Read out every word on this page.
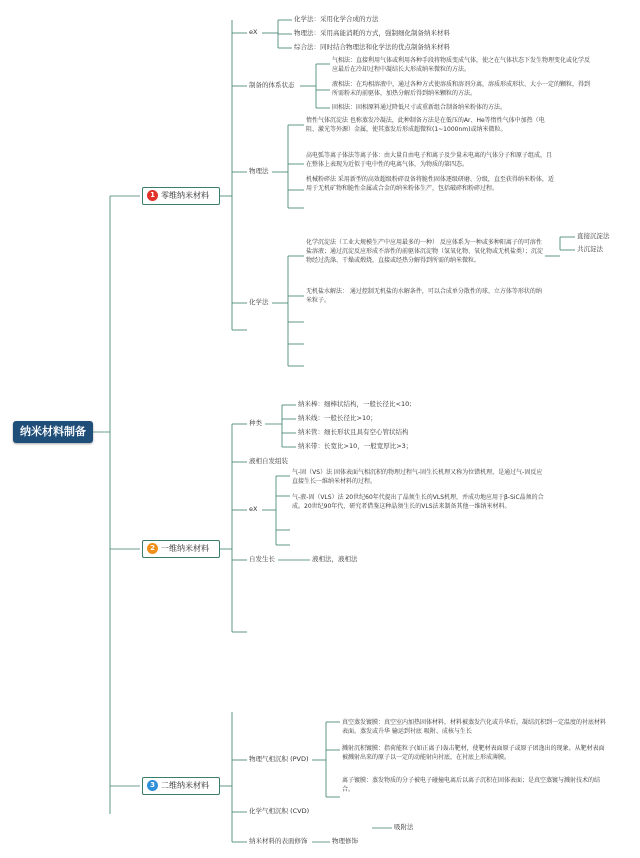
纳米材料制备
1 零维纳米材料
eX
化学法：采用化学合成的方法
物理法：采用高能消耗的方式，强制细化制备纳米材料
综合法：同时结合物理法和化学法的优点制备纳米材料
制备的体系状态
气相法：直接利用气体或利用各种手段将物质变成气体，使之在气体状态下发生物理变化或化学反应最后在冷却过程中凝结长大形成纳米微粒的方法。
液相法：在均相溶液中，通过各种方式使溶质和溶剂分离，溶质形成形状、大小一定的颗粒，得到所需粉末的前驱体，加热分解后得到纳米颗粒的方法。
固相法：固相原料通过降低尺寸或重新组合制备纳米粉体的方法。
物理法
惰性气体沉淀法 也称蒸发冷凝法，此种制备方法是在低压的Ar、He等惰性气体中加热（电阻、激光等外源）金属，使其蒸发后形成超微粒(1~1000nm)或纳米微粒。
高电弧等离子体法等离子体：由大量自由电子和离子及少量未电离的气体分子和原子组成，且在整体上表现为近似于电中性的电离气体，为物质的第四态。
机械粉碎法 采用新型的高效超级粉碎设备将脆性固体逐级研磨、分级，直至获得纳米粉体，适用于无机矿物和脆性金属或合金的纳米粉体生产，包括破碎和粉碎过程。
化学法
化学沉淀法（工业大规模生产中应用最多的一种） 反应体系为一种或多种阳离子的可溶性盐溶液；通过沉淀反应形成不溶性的前驱体沉淀物（氢氧化物、氧化物或无机盐类）；沉淀物经过洗涤、干燥或煅烧，直接或经热分解得到所需的纳米微粒。
无机盐水解法： 通过控制无机盐的水解条件，可以合成单分散性的球、立方体等形状的纳米粒子。
直接沉淀法
共沉淀法
2 一维纳米材料
种类
纳米棒：细棒状结构，一般长径比<10;
纳米线：一般长径比>10；
纳米管：细长形状且具有空心管状结构
纳米带：长宽比>10，一般宽厚比>3；
液相自发组装
eX
气-固（VS）法 固体表面气相沉积的物理过程气-固生长机理又称为位错机理，是通过气-固反应直接生长一维纳米材料的过程。
气-液-固（VLS）法 20世纪60年代提出了晶须生长的VLS机理，并成功地应用于β-SiC晶须的合成。20世纪90年代，研究者借鉴这种晶须生长的VLS法来制备其他一维纳米材料。
自发生长	液相法，液相法
3 二维纳米材料
物理气相沉积 (PVD)
真空蒸发镀膜：真空室内加热固体材料，材料被蒸发汽化或升华后，凝结沉积到一定温度的衬底材料表面。蒸发或升华 输运到衬底 吸附、成核与生长
溅射沉积镀膜：指荷能粒子(如正离子)轰击靶材，使靶材表面原子或原子团逸出的现象。从靶材表面被溅射出来的原子以一定的动能射向衬底，在衬底上形成薄膜。
离子镀膜：蒸发物质的分子被电子碰撞电离后以离子沉积在固体表面；是真空蒸镀与溅射技术的结合。
化学气相沉积 (CVD)
纳米材料的表面修饰	物理修饰
吸附法
